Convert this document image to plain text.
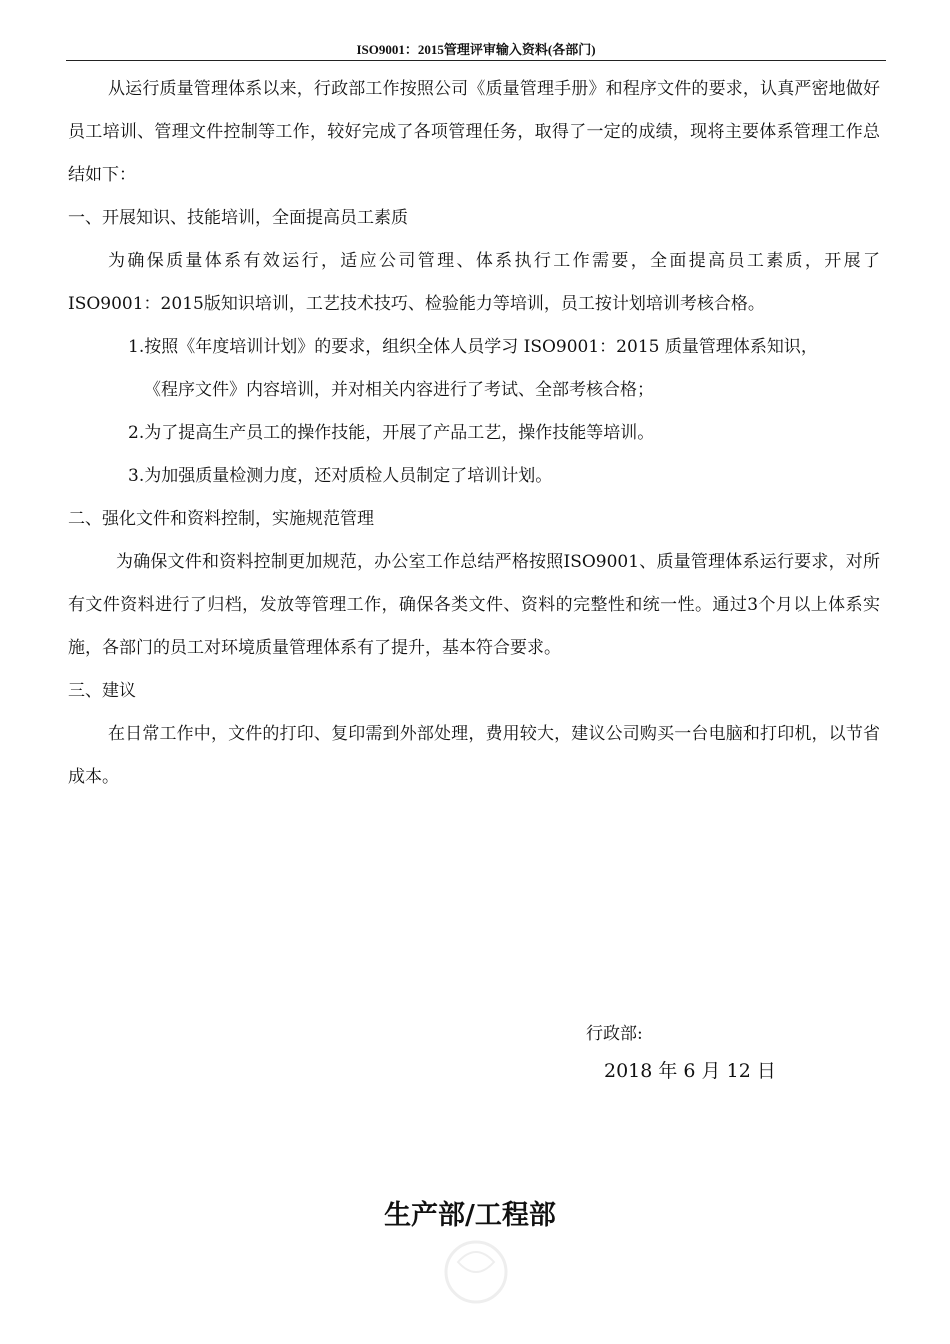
ISO9001：2015管理评审输入资料(各部门)

从运行质量管理体系以来，行政部工作按照公司《质量管理手册》和程序文件的要求，认真严密地做好员工培训、管理文件控制等工作，较好完成了各项管理任务，取得了一定的成绩，现将主要体系管理工作总结如下：

一、开展知识、技能培训，全面提高员工素质

为确保质量体系有效运行，适应公司管理、体系执行工作需要，全面提高员工素质，开展了ISO9001：2015版知识培训，工艺技术技巧、检验能力等培训，员工按计划培训考核合格。

1.按照《年度培训计划》的要求，组织全体人员学习 ISO9001：2015 质量管理体系知识，
《程序文件》内容培训，并对相关内容进行了考试、全部考核合格；

2.为了提高生产员工的操作技能，开展了产品工艺，操作技能等培训。

3.为加强质量检测力度，还对质检人员制定了培训计划。

二、强化文件和资料控制，实施规范管理

为确保文件和资料控制更加规范，办公室工作总结严格按照ISO9001、质量管理体系运行要求，对所有文件资料进行了归档，发放等管理工作，确保各类文件、资料的完整性和统一性。通过3个月以上体系实施，各部门的员工对环境质量管理体系有了提升，基本符合要求。

三、建议

在日常工作中，文件的打印、复印需到外部处理，费用较大，建议公司购买一台电脑和打印机，以节省成本。

行政部:
2018 年 6 月 12 日
生产部/工程部
